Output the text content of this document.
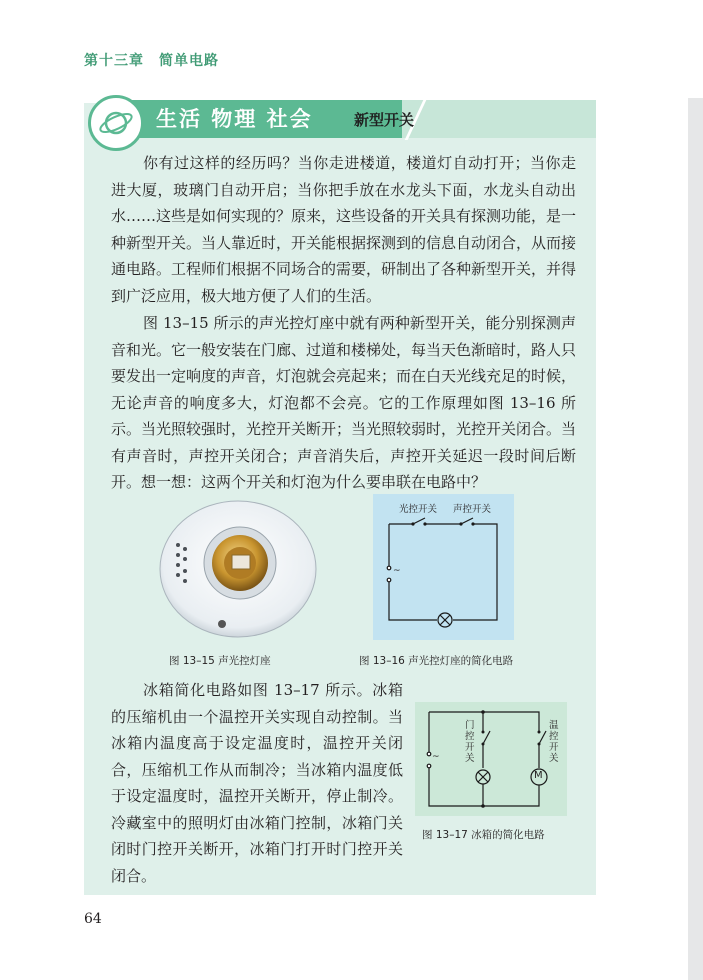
第十三章　简单电路
生活 物理 社会	新型开关
你有过这样的经历吗？当你走进楼道，楼道灯自动打开；当你走进大厦，玻璃门自动开启；当你把手放在水龙头下面，水龙头自动出水……这些是如何实现的？原来，这些设备的开关具有探测功能，是一种新型开关。当人靠近时，开关能根据探测到的信息自动闭合，从而接通电路。工程师们根据不同场合的需要，研制出了各种新型开关，并得到广泛应用，极大地方便了人们的生活。
图 13–15 所示的声光控灯座中就有两种新型开关，能分别探测声音和光。它一般安装在门廊、过道和楼梯处，每当天色渐暗时，路人只要发出一定响度的声音，灯泡就会亮起来；而在白天光线充足的时候，无论声音的响度多大，灯泡都不会亮。它的工作原理如图 13–16 所示。当光照较强时，光控开关断开；当光照较弱时，光控开关闭合。当有声音时，声控开关闭合；声音消失后，声控开关延迟一段时间后断开。想一想：这两个开关和灯泡为什么要串联在电路中？
光控开关 声控开关
~
图 13–15 声光控灯座	图 13–16 声光控灯座的简化电路
冰箱简化电路如图 13–17 所示。冰箱的压缩机由一个温控开关实现自动控制。当冰箱内温度高于设定温度时，温控开关闭合，压缩机工作从而制冷；当冰箱内温度低于设定温度时，温控开关断开，停止制冷。冷藏室中的照明灯由冰箱门控制，冰箱门关闭时门控开关断开，冰箱门打开时门控开关闭合。
M
门控开关
温控开关
~
图 13–17 冰箱的简化电路
64
